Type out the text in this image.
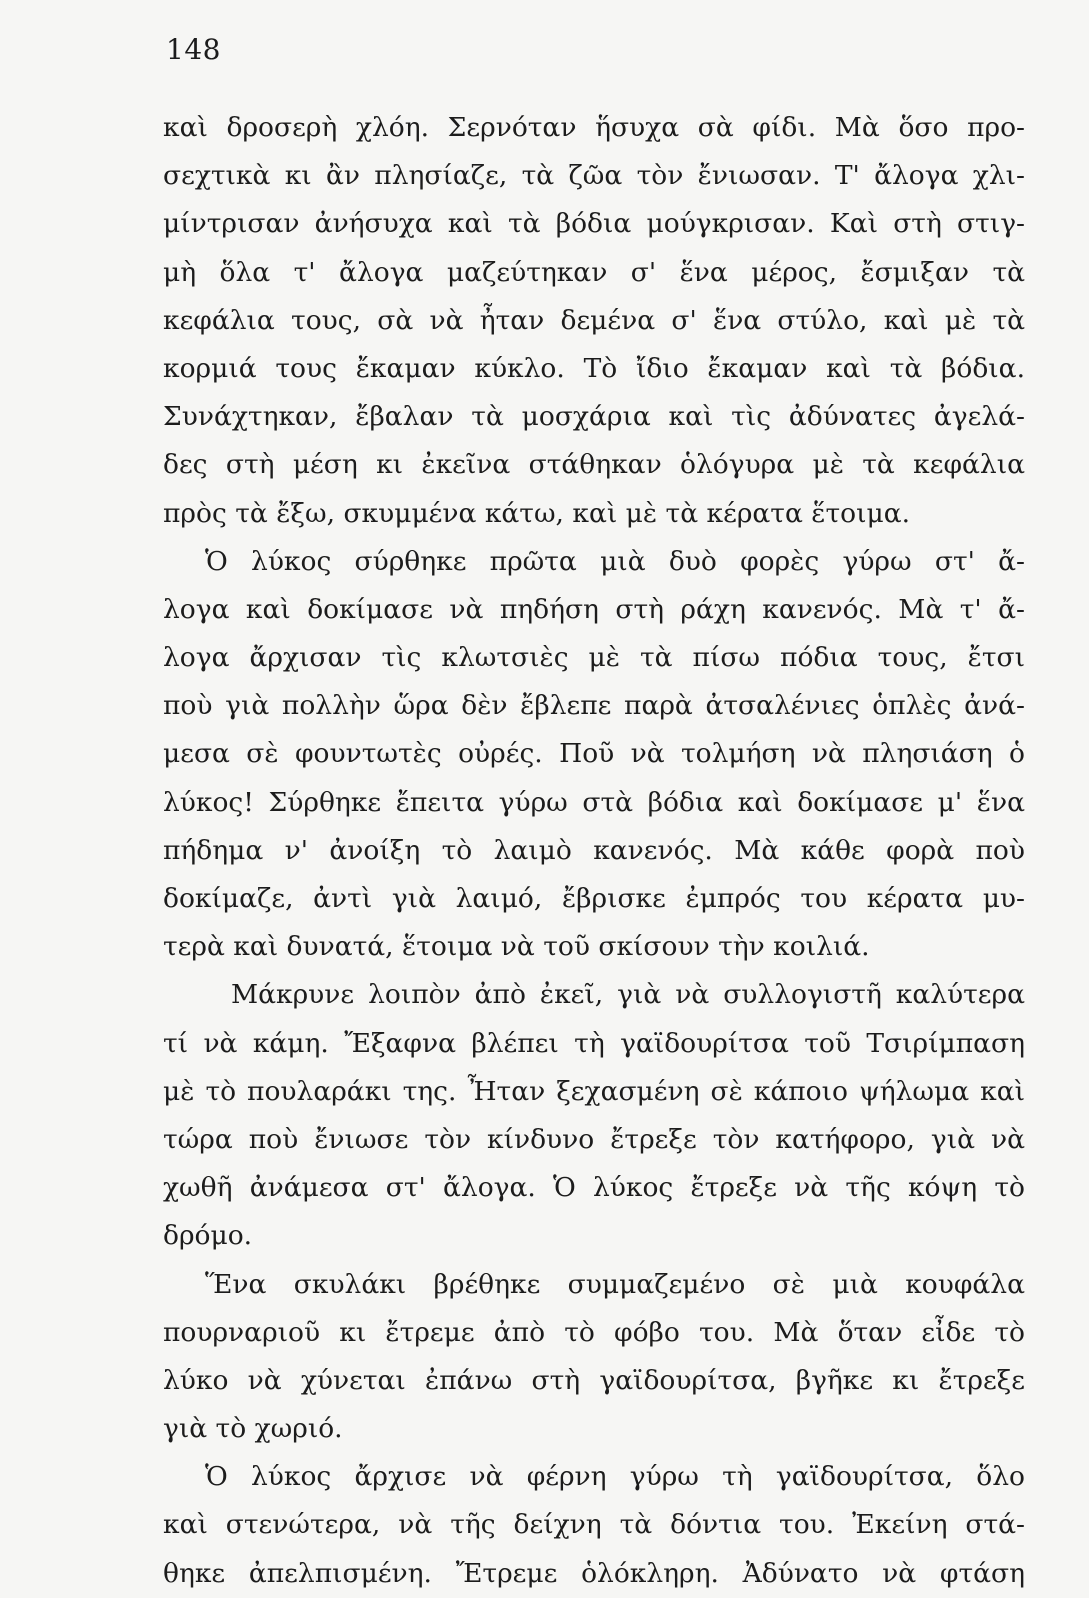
148
καὶ δροσερὴ χλόη. Σερνόταν ἥσυχα σὰ φίδι. Μὰ ὅσο προ-
σεχτικὰ κι ἂν πλησίαζε, τὰ ζῶα τὸν ἔνιωσαν. Τ' ἄλογα χλι-
μίντρισαν ἀνήσυχα καὶ τὰ βόδια μούγκρισαν. Καὶ στὴ στιγ-
μὴ ὅλα τ' ἄλογα μαζεύτηκαν σ' ἕνα μέρος, ἔσμιξαν τὰ
κεφάλια τους, σὰ νὰ ἦταν δεμένα σ' ἕνα στύλο, καὶ μὲ τὰ
κορμιά τους ἔκαμαν κύκλο. Τὸ ἴδιο ἔκαμαν καὶ τὰ βόδια.
Συνάχτηκαν, ἔβαλαν τὰ μοσχάρια καὶ τὶς ἀδύνατες ἀγελά-
δες στὴ μέση κι ἐκεῖνα στάθηκαν ὁλόγυρα μὲ τὰ κεφάλια
πρὸς τὰ ἔξω, σκυμμένα κάτω, καὶ μὲ τὰ κέρατα ἕτοιμα.
Ὁ λύκος σύρθηκε πρῶτα μιὰ δυὸ φορὲς γύρω στ' ἄ-
λογα καὶ δοκίμασε νὰ πηδήση στὴ ράχη κανενός. Μὰ τ' ἄ-
λογα ἄρχισαν τὶς κλωτσιὲς μὲ τὰ πίσω πόδια τους, ἔτσι
ποὺ γιὰ πολλὴν ὥρα δὲν ἔβλεπε παρὰ ἀτσαλένιες ὁπλὲς ἀνά-
μεσα σὲ φουντωτὲς οὐρές. Ποῦ νὰ τολμήση νὰ πλησιάση ὁ
λύκος! Σύρθηκε ἔπειτα γύρω στὰ βόδια καὶ δοκίμασε μ' ἕνα
πήδημα ν' ἀνοίξη τὸ λαιμὸ κανενός. Μὰ κάθε φορὰ ποὺ
δοκίμαζε, ἀντὶ γιὰ λαιμό, ἔβρισκε ἐμπρός του κέρατα μυ-
τερὰ καὶ δυνατά, ἕτοιμα νὰ τοῦ σκίσουν τὴν κοιλιά.
Μάκρυνε λοιπὸν ἀπὸ ἐκεῖ, γιὰ νὰ συλλογιστῆ καλύτερα
τί νὰ κάμη. Ἔξαφνα βλέπει τὴ γαϊδουρίτσα τοῦ Τσιρίμπαση
μὲ τὸ πουλαράκι της. Ἦταν ξεχασμένη σὲ κάποιο ψήλωμα καὶ
τώρα ποὺ ἔνιωσε τὸν κίνδυνο ἔτρεξε τὸν κατήφορο, γιὰ νὰ
χωθῆ ἀνάμεσα στ' ἄλογα. Ὁ λύκος ἔτρεξε νὰ τῆς κόψη τὸ
δρόμο.
Ἕνα σκυλάκι βρέθηκε συμμαζεμένο σὲ μιὰ κουφάλα
πουρναριοῦ κι ἔτρεμε ἀπὸ τὸ φόβο του. Μὰ ὅταν εἶδε τὸ
λύκο νὰ χύνεται ἐπάνω στὴ γαϊδουρίτσα, βγῆκε κι ἔτρεξε
γιὰ τὸ χωριό.
Ὁ λύκος ἄρχισε νὰ φέρνη γύρω τὴ γαϊδουρίτσα, ὅλο
καὶ στενώτερα, νὰ τῆς δείχνη τὰ δόντια του. Ἐκείνη στά-
θηκε ἀπελπισμένη. Ἔτρεμε ὁλόκληρη. Ἀδύνατο νὰ φτάση
